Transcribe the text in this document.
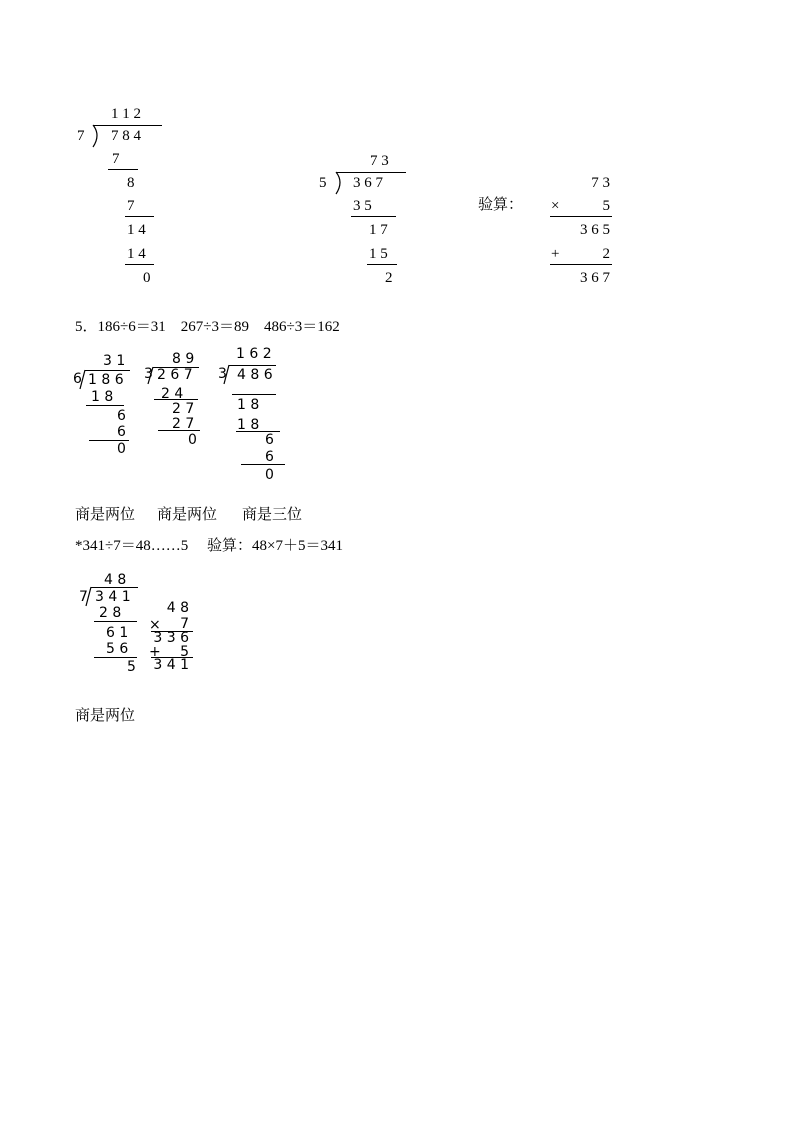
1 1 2
7 7 8 4
7
8
7
1 4
1 4
0
7 3
5 3 6 7
3 5
1 7
1 5
2
验算：
7 3
×	5
3 6 5
+	2
3 6 7
5．186÷6＝31　267÷3＝89　486÷3＝162
3 1
6 1 8 6
1 8
6
6
0
8 9
3 2 6 7
2 4
2 7
2 7
0
1 6 2
3 4 8 6
1 8
1 8
6
6
0
商是两位 商是两位 商是三位
*341÷7＝48……5　 验算：48×7＋5＝341
4 8
7 3 4 1
2 8
6 1
5 6
5
4 8
×	7
3 3 6
+	5
3 4 1
商是两位
